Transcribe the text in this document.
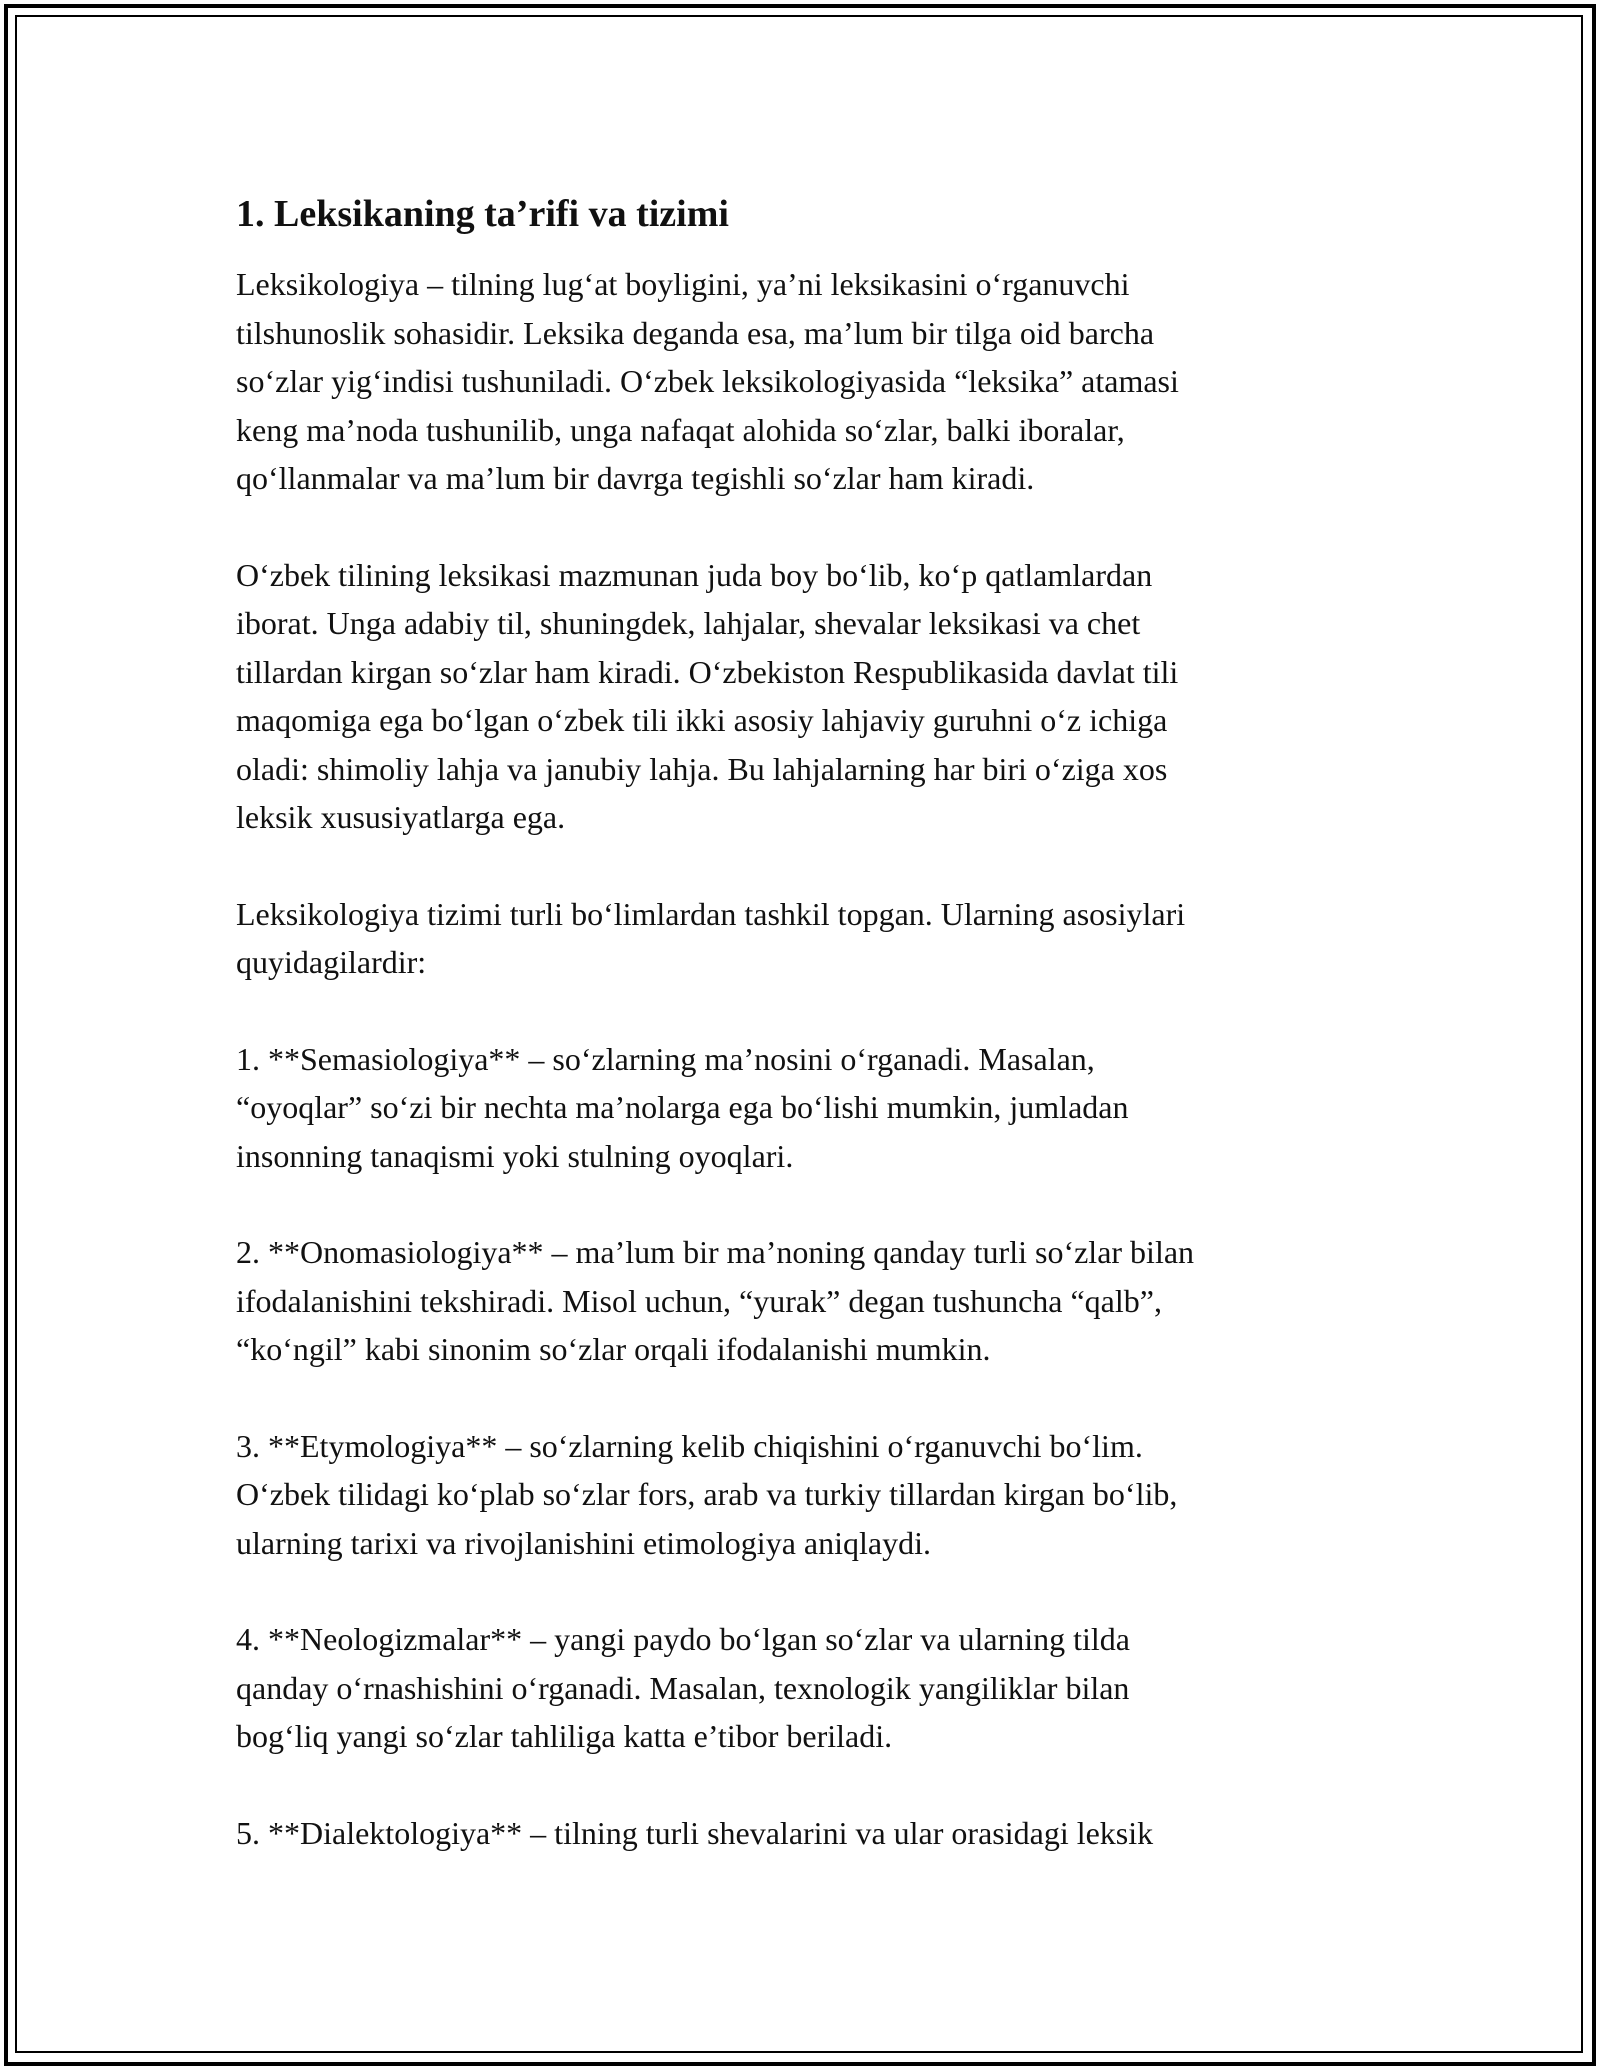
1. Leksikaning ta’rifi va tizimi
Leksikologiya – tilning lug‘at boyligini, ya’ni leksikasini o‘rganuvchi
tilshunoslik sohasidir. Leksika deganda esa, ma’lum bir tilga oid barcha
so‘zlar yig‘indisi tushuniladi. O‘zbek leksikologiyasida “leksika” atamasi
keng ma’noda tushunilib, unga nafaqat alohida so‘zlar, balki iboralar,
qo‘llanmalar va ma’lum bir davrga tegishli so‘zlar ham kiradi.
O‘zbek tilining leksikasi mazmunan juda boy bo‘lib, ko‘p qatlamlardan
iborat. Unga adabiy til, shuningdek, lahjalar, shevalar leksikasi va chet
tillardan kirgan so‘zlar ham kiradi. O‘zbekiston Respublikasida davlat tili
maqomiga ega bo‘lgan o‘zbek tili ikki asosiy lahjaviy guruhni o‘z ichiga
oladi: shimoliy lahja va janubiy lahja. Bu lahjalarning har biri o‘ziga xos
leksik xususiyatlarga ega.
Leksikologiya tizimi turli bo‘limlardan tashkil topgan. Ularning asosiylari
quyidagilardir:
1. **Semasiologiya** – so‘zlarning ma’nosini o‘rganadi. Masalan,
“oyoqlar” so‘zi bir nechta ma’nolarga ega bo‘lishi mumkin, jumladan
insonning tanaqismi yoki stulning oyoqlari.
2. **Onomasiologiya** – ma’lum bir ma’noning qanday turli so‘zlar bilan
ifodalanishini tekshiradi. Misol uchun, “yurak” degan tushuncha “qalb”,
“ko‘ngil” kabi sinonim so‘zlar orqali ifodalanishi mumkin.
3. **Etymologiya** – so‘zlarning kelib chiqishini o‘rganuvchi bo‘lim.
O‘zbek tilidagi ko‘plab so‘zlar fors, arab va turkiy tillardan kirgan bo‘lib,
ularning tarixi va rivojlanishini etimologiya aniqlaydi.
4. **Neologizmalar** – yangi paydo bo‘lgan so‘zlar va ularning tilda
qanday o‘rnashishini o‘rganadi. Masalan, texnologik yangiliklar bilan
bog‘liq yangi so‘zlar tahliliga katta e’tibor beriladi.
5. **Dialektologiya** – tilning turli shevalarini va ular orasidagi leksik
